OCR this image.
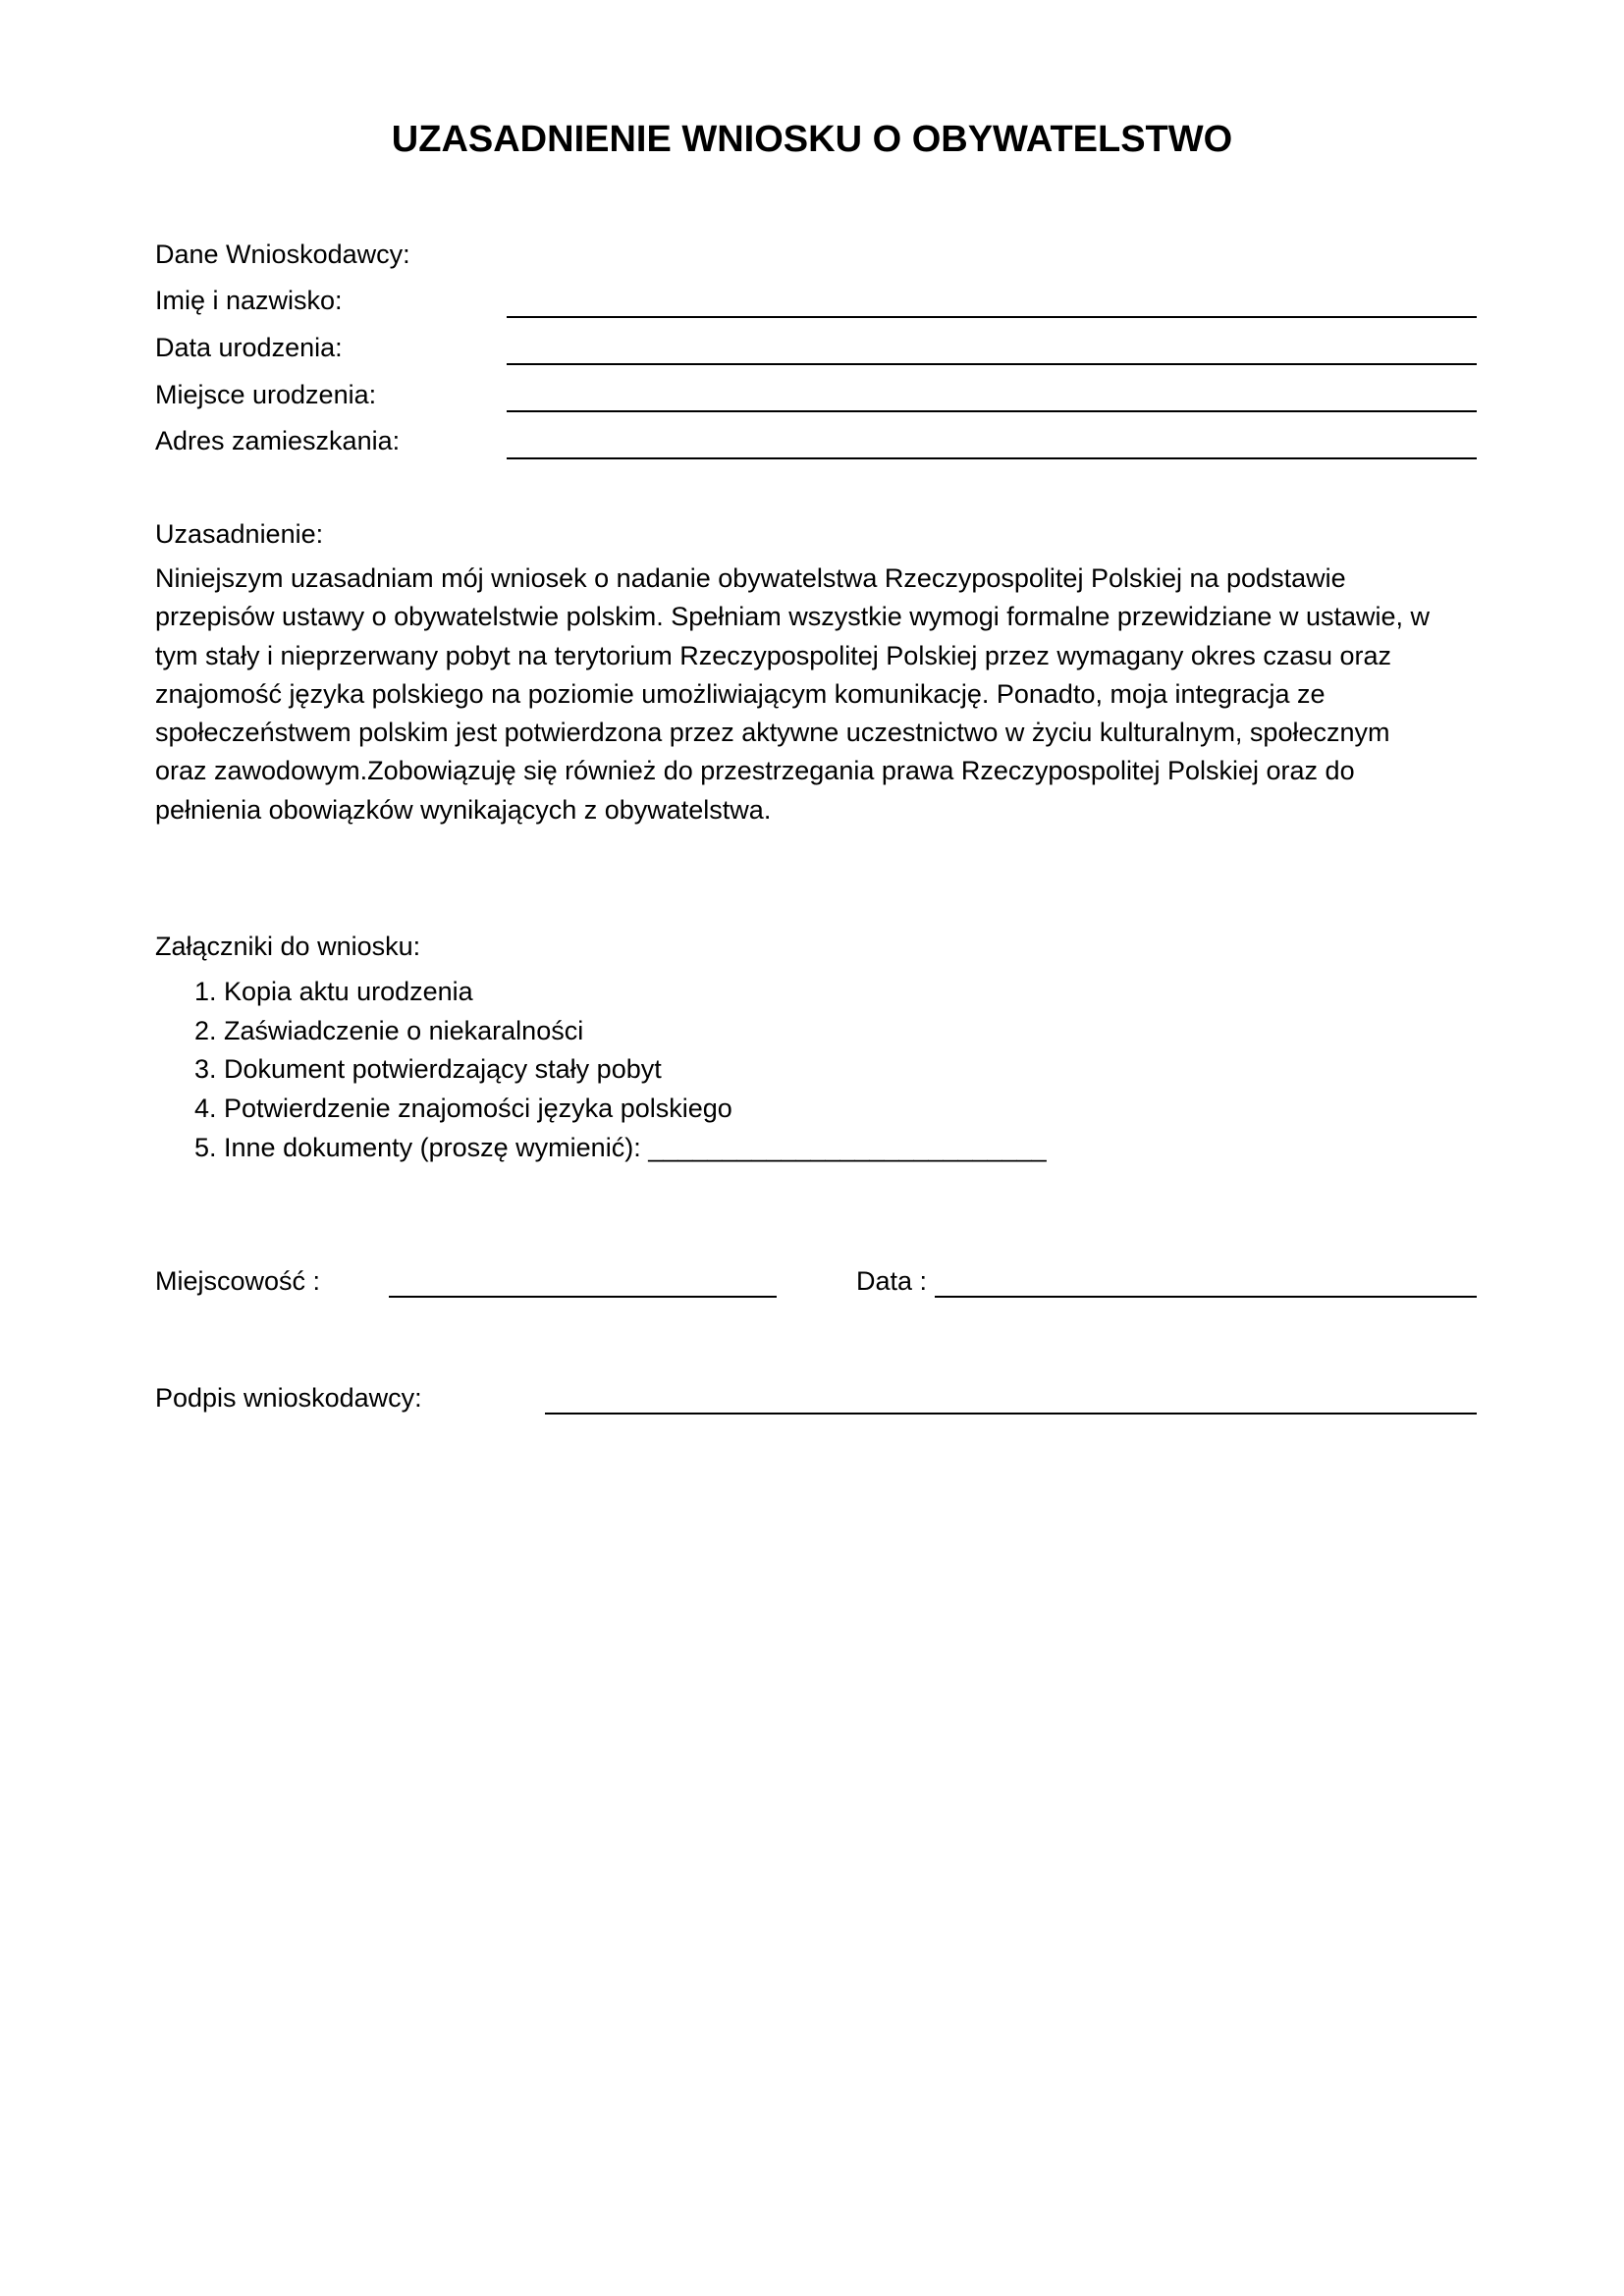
UZASADNIENIE WNIOSKU O OBYWATELSTWO
Dane Wnioskodawcy:
Imię i nazwisko:
Data urodzenia:
Miejsce urodzenia:
Adres zamieszkania:
Uzasadnienie:

Niniejszym uzasadniam mój wniosek o nadanie obywatelstwa Rzeczypospolitej Polskiej na podstawie

przepisów ustawy o obywatelstwie polskim. Spełniam wszystkie wymogi formalne przewidziane w ustawie, w

tym stały i nieprzerwany pobyt na terytorium Rzeczypospolitej Polskiej przez wymagany okres czasu oraz

znajomość języka polskiego na poziomie umożliwiającym komunikację. Ponadto, moja integracja ze

społeczeństwem polskim jest potwierdzona przez aktywne uczestnictwo w życiu kulturalnym, społecznym

oraz zawodowym.Zobowiązuję się również do przestrzegania prawa Rzeczypospolitej Polskiej oraz do

pełnienia obowiązków wynikających z obywatelstwa.

Załączniki do wniosku:
1. Kopia aktu urodzenia
2. Zaświadczenie o niekaralności
3. Dokument potwierdzający stały pobyt
4. Potwierdzenie znajomości języka polskiego
5. Inne dokumenty (proszę wymienić): ___________________________
Miejscowość :	Data :
Podpis wnioskodawcy:
